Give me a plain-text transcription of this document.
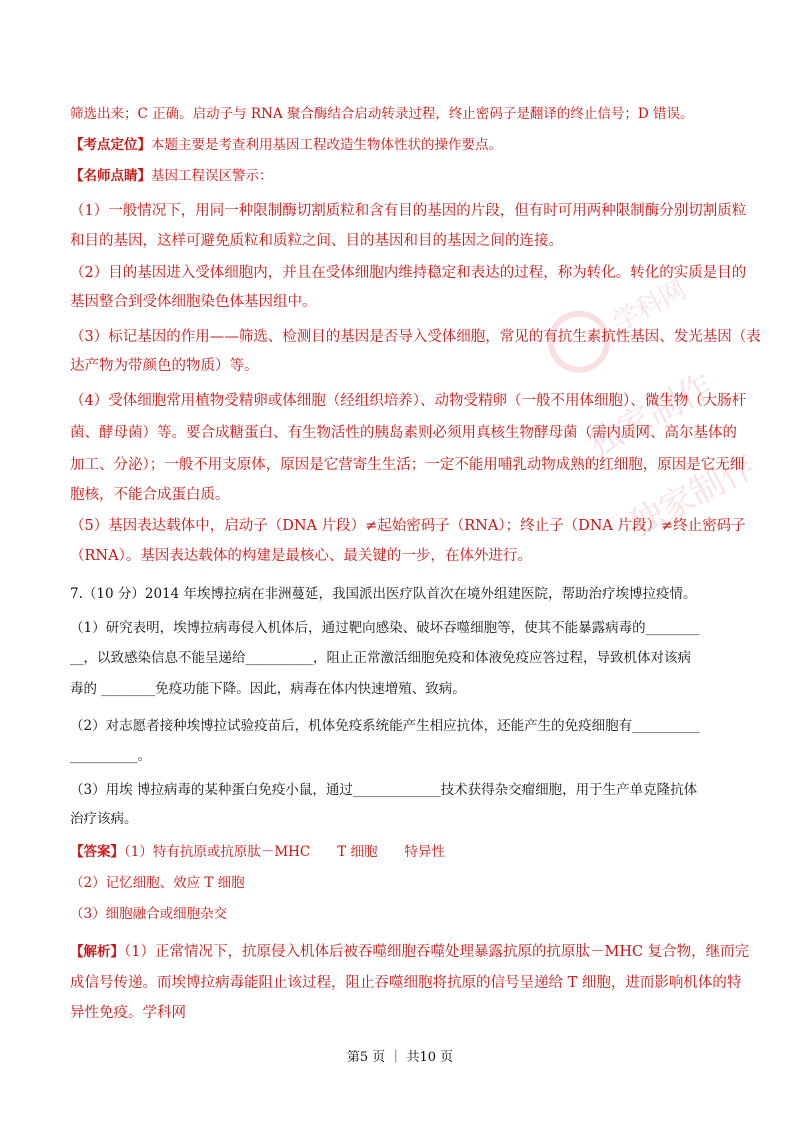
学科网
独家制作
独家制作
筛选出来；C 正确。启动子与 RNA 聚合酶结合启动转录过程，终止密码子是翻译的终止信号；D 错误。
【考点定位】本题主要是考查利用基因工程改造生物体性状的操作要点。
【名师点睛】基因工程误区警示：
（1）一般情况下，用同一种限制酶切割质粒和含有目的基因的片段，但有时可用两种限制酶分别切割质粒
和目的基因，这样可避免质粒和质粒之间、目的基因和目的基因之间的连接。
（2）目的基因进入受体细胞内，并且在受体细胞内维持稳定和表达的过程，称为转化。转化的实质是目的
基因整合到受体细胞染色体基因组中。
（3）标记基因的作用——筛选、检测目的基因是否导入受体细胞，常见的有抗生素抗性基因、发光基因（表
达产物为带颜色的物质）等。
（4）受体细胞常用植物受精卵或体细胞（经组织培养）、动物受精卵（一般不用体细胞）、微生物（大肠杆
菌、酵母菌）等。要合成糖蛋白、有生物活性的胰岛素则必须用真核生物酵母菌（需内质网、高尔基体的
加工、分泌）；一般不用支原体，原因是它营寄生生活；一定不能用哺乳动物成熟的红细胞，原因是它无细
胞核，不能合成蛋白质。
（5）基因表达载体中，启动子（DNA 片段）≠起始密码子（RNA）；终止子（DNA 片段）≠终止密码子
（RNA）。基因表达载体的构建是最核心、最关键的一步，在体外进行。
7.（10 分）2014 年埃博拉病在非洲蔓延，我国派出医疗队首次在境外组建医院，帮助治疗埃博拉疫情。
（1）研究表明，埃博拉病毒侵入机体后，通过靶向感染、破坏吞噬细胞等，使其不能暴露病毒的________
__，以致感染信息不能呈递给__________，阻止正常激活细胞免疫和体液免疫应答过程，导致机体对该病
毒的 ________免疫功能下降。因此，病毒在体内快速增殖、致病。
（2）对志愿者接种埃博拉试验疫苗后，机体免疫系统能产生相应抗体，还能产生的免疫细胞有__________
__________。
（3）用埃 博拉病毒的某种蛋白免疫小鼠，通过_____________技术获得杂交瘤细胞，用于生产单克隆抗体
治疗该病。
【答案】（1）特有抗原或抗原肽－MHC　　T 细胞　　特异性
（2）记忆细胞、效应 T 细胞
（3）细胞融合或细胞杂交
【解析】（1）正常情况下，抗原侵入机体后被吞噬细胞吞噬处理暴露抗原的抗原肽－MHC 复合物，继而完
成信号传递。而埃博拉病毒能阻止该过程，阻止吞噬细胞将抗原的信号呈递给 T 细胞，进而影响机体的特
异性免疫。学科网
第5 页 ｜ 共10 页
